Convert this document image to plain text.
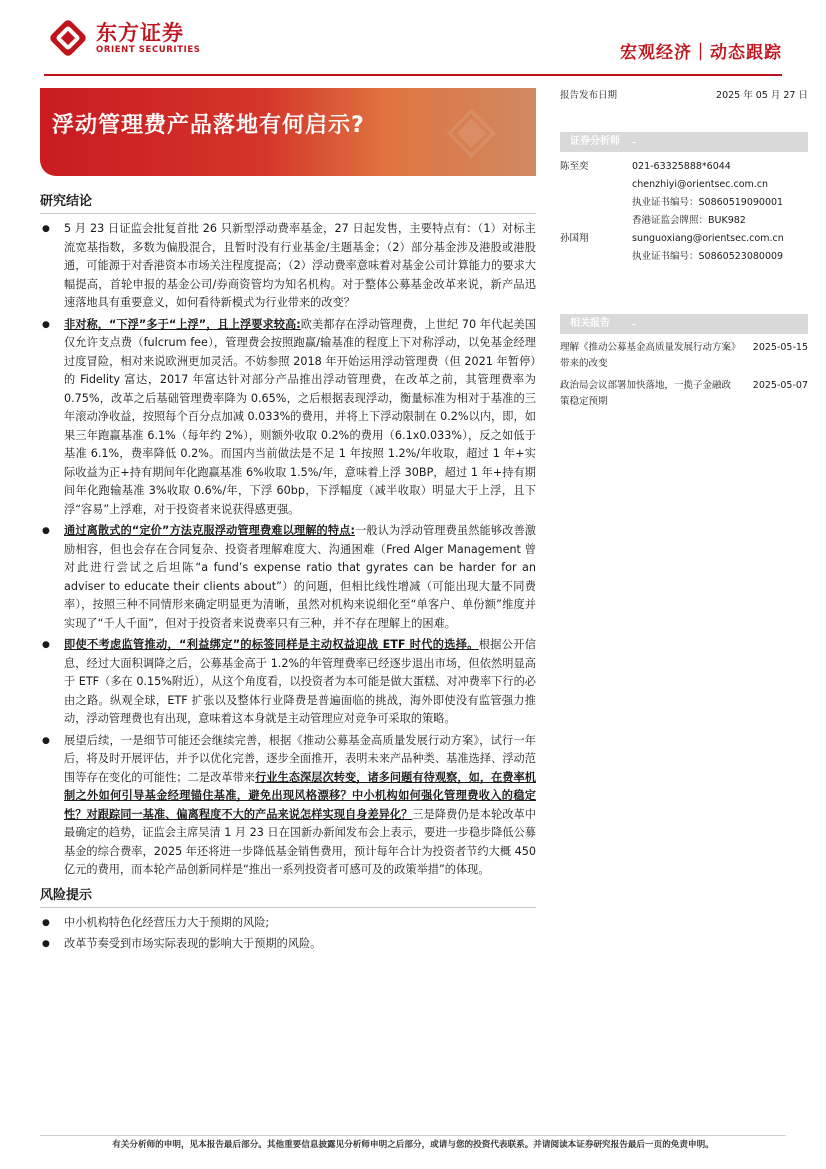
东方证券
ORIENT SECURITIES	宏观经济｜动态跟踪
◈
浮动管理费产品落地有何启示?
研究结论
●	5 月 23 日证监会批复首批 26 只新型浮动费率基金，27 日起发售，主要特点有：（1）对标主流宽基指数，多数为偏股混合，且暂时没有行业基金/主题基金；（2）部分基金涉及港股或港股通，可能源于对香港资本市场关注程度提高；（2）浮动费率意味着对基金公司计算能力的要求大幅提高，首轮申报的基金公司/券商资管均为知名机构。对于整体公募基金改革来说，新产品迅速落地具有重要意义，如何看待新模式为行业带来的改变？
●	非对称，“下浮”多于“上浮”，且上浮要求较高:欧美都存在浮动管理费，上世纪 70 年代起美国仅允许支点费（fulcrum fee），管理费会按照跑赢/输基准的程度上下对称浮动，以免基金经理过度冒险，相对来说欧洲更加灵活。不妨参照 2018 年开始运用浮动管理费（但 2021 年暂停）的 Fidelity 富达，2017 年富达针对部分产品推出浮动管理费，在改革之前，其管理费率为 0.75%，改革之后基础管理费率降为 0.65%，之后根据表现浮动，衡量标准为相对于基准的三年滚动净收益，按照每个百分点加减 0.033%的费用，并将上下浮动限制在 0.2%以内，即，如果三年跑赢基准 6.1%（每年约 2%），则额外收取 0.2%的费用（6.1x0.033%），反之如低于基准 6.1%，费率降低 0.2%。而国内当前做法是不足 1 年按照 1.2%/年收取，超过 1 年+实际收益为正+持有期间年化跑赢基准 6%收取 1.5%/年，意味着上浮 30BP，超过 1 年+持有期间年化跑输基准 3%收取 0.6%/年，下浮 60bp，下浮幅度（减半收取）明显大于上浮，且下浮“容易”上浮难，对于投资者来说获得感更强。
●	通过离散式的“定价”方法克服浮动管理费难以理解的特点:一般认为浮动管理费虽然能够改善激励相容，但也会存在合同复杂、投资者理解难度大、沟通困难（Fred Alger Management 曾对此进行尝试之后坦陈“a fund’s expense ratio that gyrates can be harder for an adviser to educate their clients about”）的问题，但相比线性增减（可能出现大量不同费率），按照三种不同情形来确定明显更为清晰，虽然对机构来说细化至“单客户、单份额”维度并实现了“千人千面”，但对于投资者来说费率只有三种，并不存在理解上的困难。
●	即使不考虑监管推动，“利益绑定”的标签同样是主动权益迎战 ETF 时代的选择。根据公开信息，经过大面积调降之后，公募基金高于 1.2%的年管理费率已经逐步退出市场，但依然明显高于 ETF（多在 0.15%附近），从这个角度看，以投资者为本可能是做大蛋糕、对冲费率下行的必由之路。纵观全球，ETF 扩张以及整体行业降费是普遍面临的挑战，海外即使没有监管强力推动，浮动管理费也有出现，意味着这本身就是主动管理应对竞争可采取的策略。
●	展望后续，一是细节可能还会继续完善，根据《推动公募基金高质量发展行动方案》，试行一年后，将及时开展评估，并予以优化完善，逐步全面推开，表明未来产品种类、基准选择、浮动范围等存在变化的可能性；二是改革带来行业生态深层次转变，诸多问题有待观察，如，在费率机制之外如何引导基金经理锚住基准，避免出现风格漂移？中小机构如何强化管理费收入的稳定性？对跟踪同一基准、偏离程度不大的产品来说怎样实现自身差异化？三是降费仍是本轮改革中最确定的趋势，证监会主席吴清 1 月 23 日在国新办新闻发布会上表示，要进一步稳步降低公募基金的综合费率，2025 年还将进一步降低基金销售费用，预计每年合计为投资者节约大概 450 亿元的费用，而本轮产品创新同样是“推出一系列投资者可感可及的政策举措”的体现。
风险提示
●	中小机构特色化经营压力大于预期的风险;
●	改革节奏受到市场实际表现的影响大于预期的风险。
报告发布日期	2025 年 05 月 27 日
证券分析师
陈至奕	021-63325888*6044
chenzhiyi@orientsec.com.cn
执业证书编号：S0860519090001
香港证监会牌照：BUK982
孙国翔	sunguoxiang@orientsec.com.cn
执业证书编号：S0860523080009
相关报告
理解《推动公募基金高质量发展行动方案》带来的改变
2025-05-15
政治局会议部署加快落地，一揽子金融政策稳定预期
2025-05-07
有关分析师的申明，见本报告最后部分。其他重要信息披露见分析师申明之后部分，或请与您的投资代表联系。并请阅读本证券研究报告最后一页的免责申明。
